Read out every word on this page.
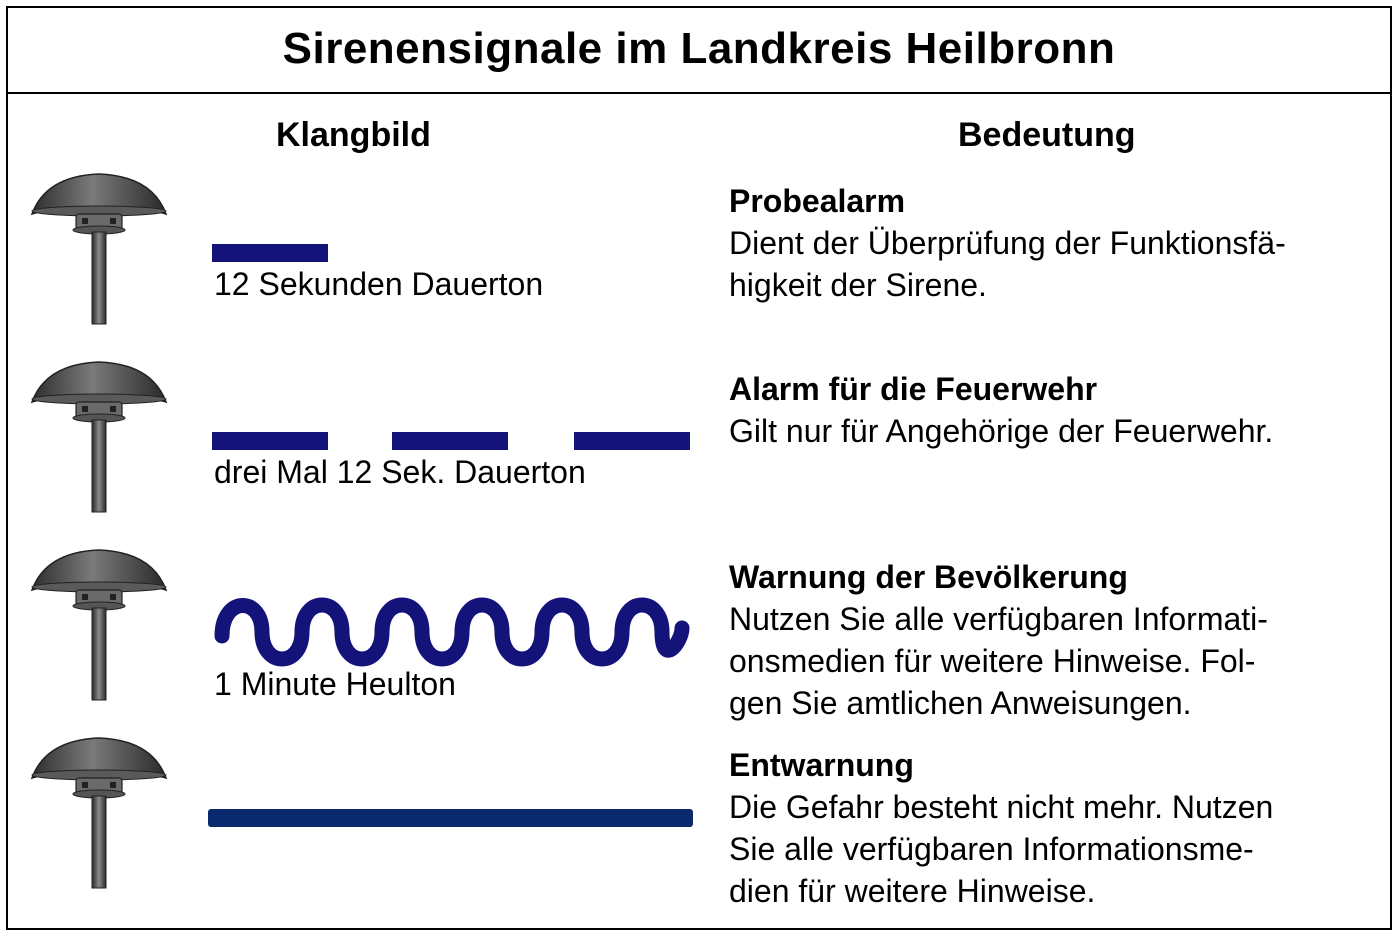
Sirenensignale im Landkreis Heilbronn
Klangbild	Bedeutung
12 Sekunden Dauerton
Probealarm
Dient der Überprüfung der Funktionsfä-
higkeit der Sirene.
drei Mal 12 Sek. Dauerton
Alarm für die Feuerwehr
Gilt nur für Angehörige der Feuerwehr.
1 Minute Heulton
Warnung der Bevölkerung
Nutzen Sie alle verfügbaren Informati-
onsmedien für weitere Hinweise. Fol-
gen Sie amtlichen Anweisungen.
Entwarnung
Die Gefahr besteht nicht mehr. Nutzen
Sie alle verfügbaren Informationsme-
dien für weitere Hinweise.
